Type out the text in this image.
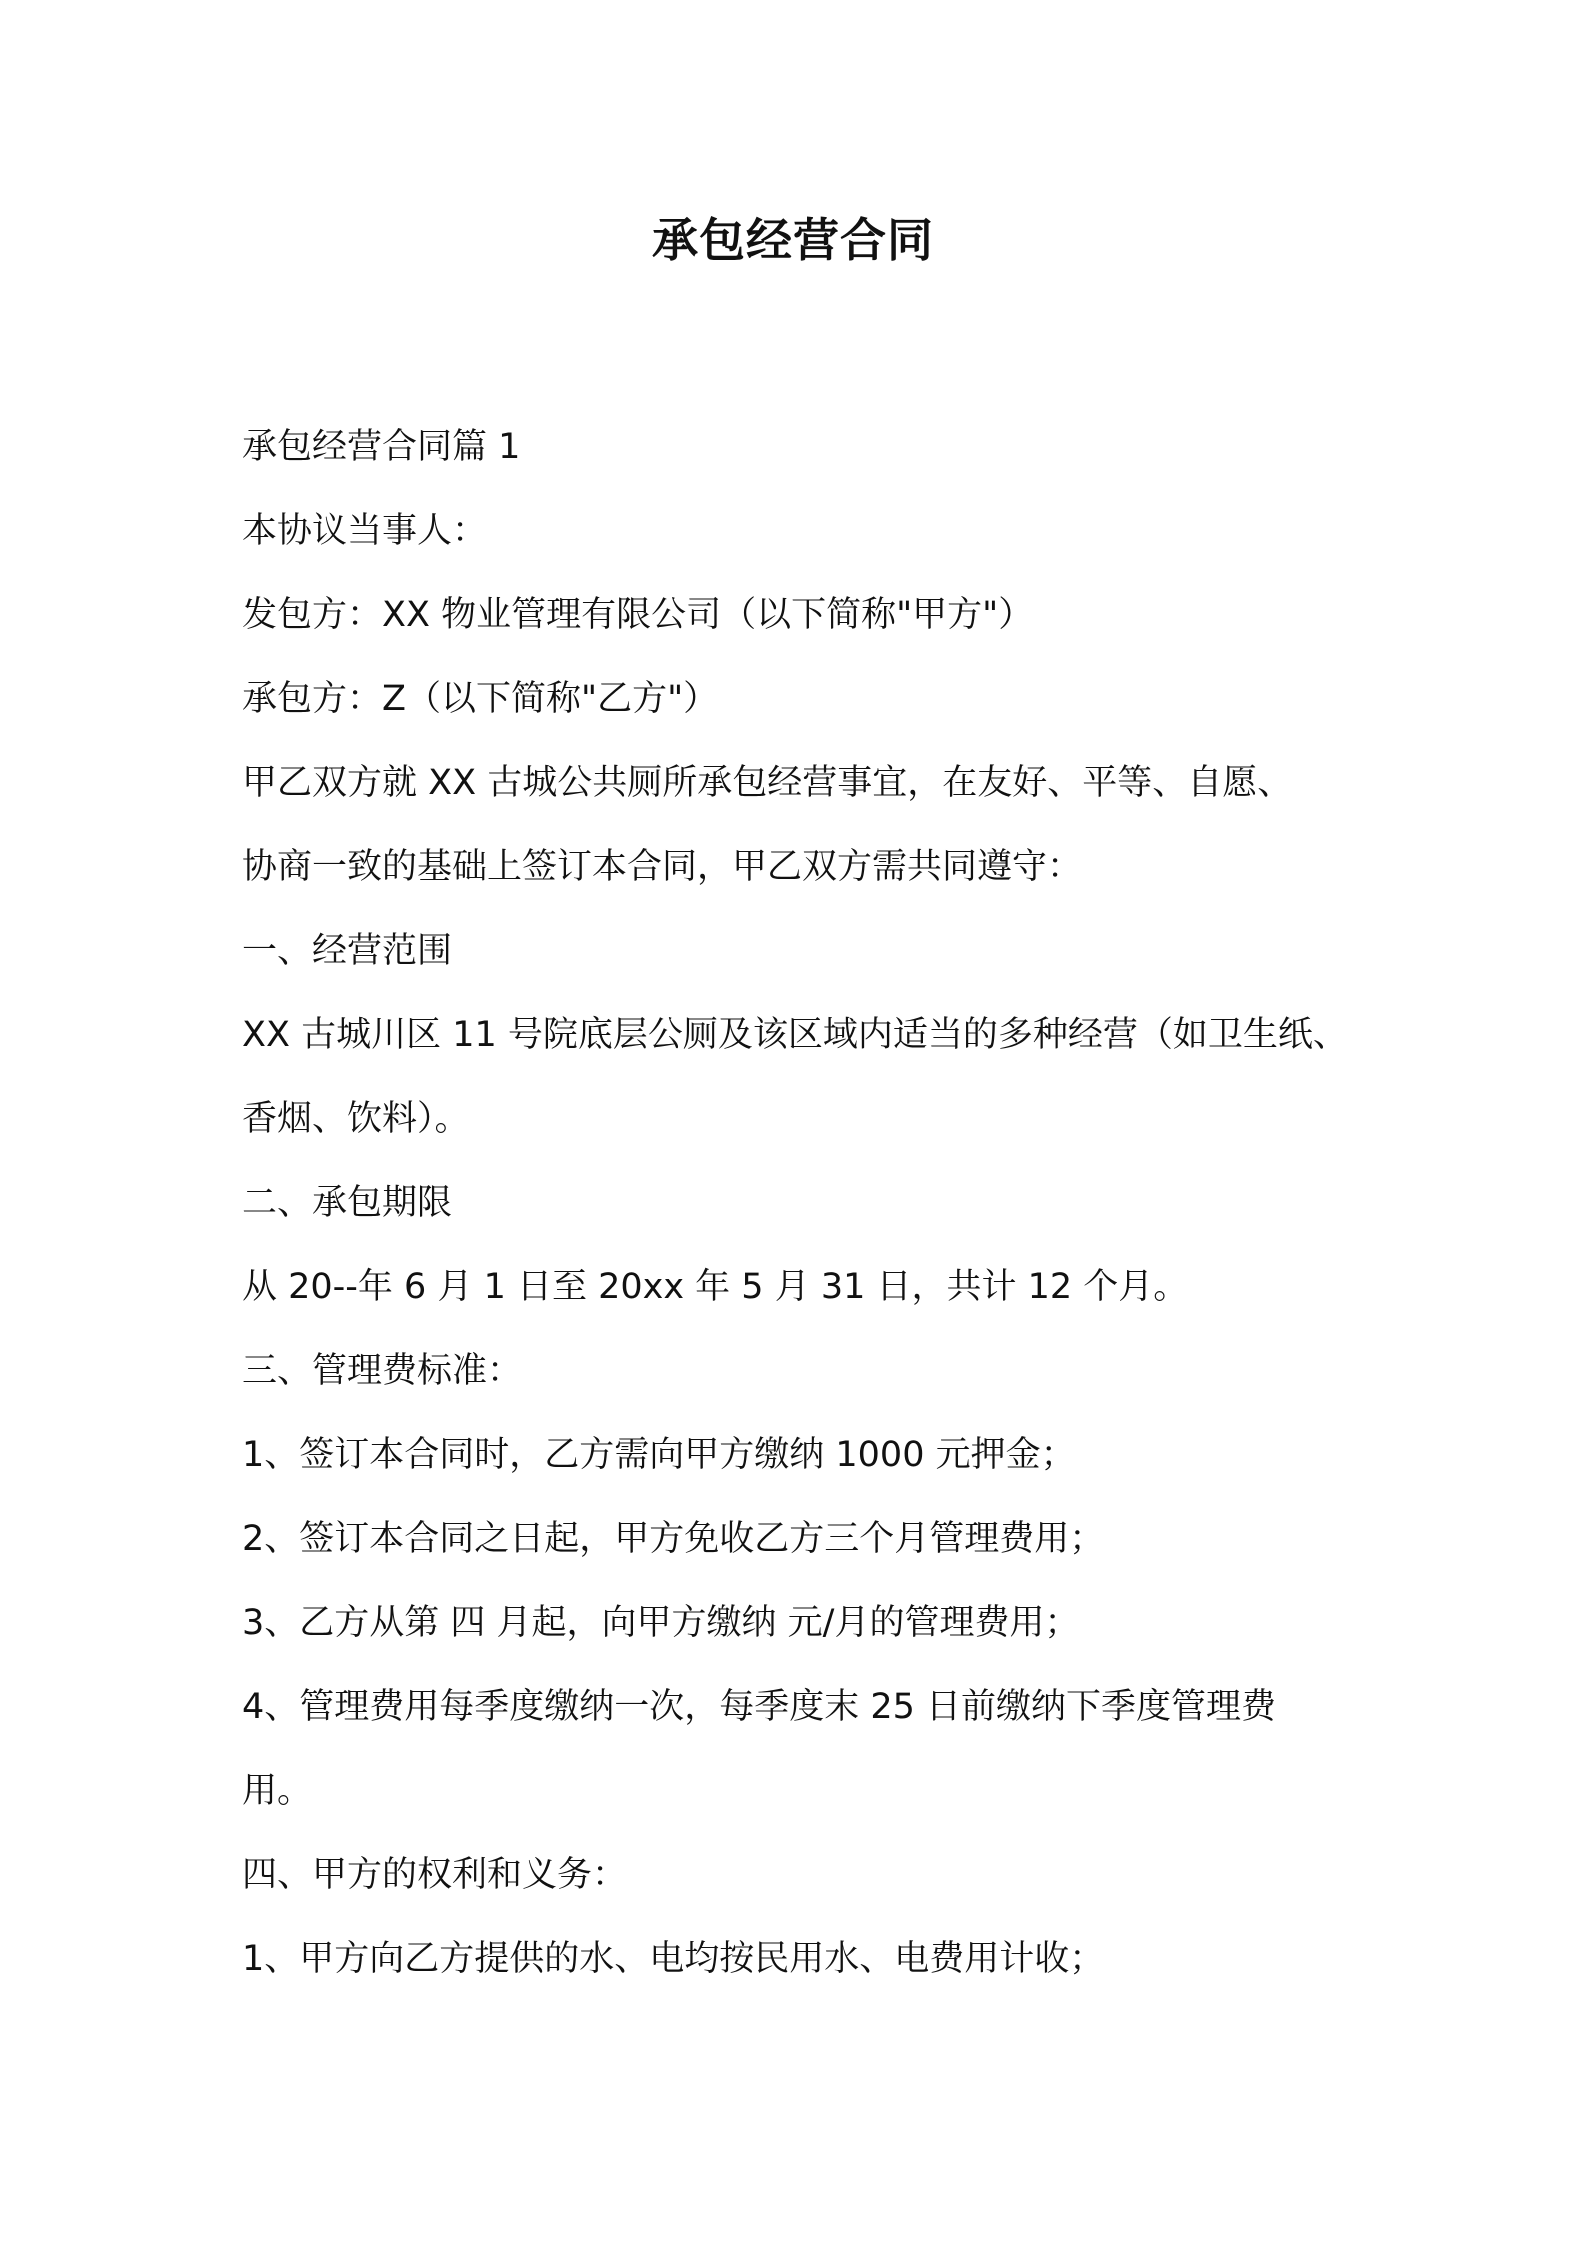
承包经营合同

承包经营合同篇 1

本协议当事人：

发包方：XX 物业管理有限公司（以下简称"甲方"）

承包方：Z（以下简称"乙方"）

甲乙双方就 XX 古城公共厕所承包经营事宜，在友好、平等、自愿、

协商一致的基础上签订本合同，甲乙双方需共同遵守：

一、经营范围

XX 古城川区 11 号院底层公厕及该区域内适当的多种经营（如卫生纸、

香烟、饮料）。

二、承包期限

从 20--年 6 月 1 日至 20xx 年 5 月 31 日，共计 12 个月。

三、管理费标准：

1、签订本合同时，乙方需向甲方缴纳 1000 元押金；

2、签订本合同之日起，甲方免收乙方三个月管理费用；

3、乙方从第 四 月起，向甲方缴纳 元/月的管理费用；

4、管理费用每季度缴纳一次，每季度末 25 日前缴纳下季度管理费

用。

四、甲方的权利和义务：

1、甲方向乙方提供的水、电均按民用水、电费用计收；
